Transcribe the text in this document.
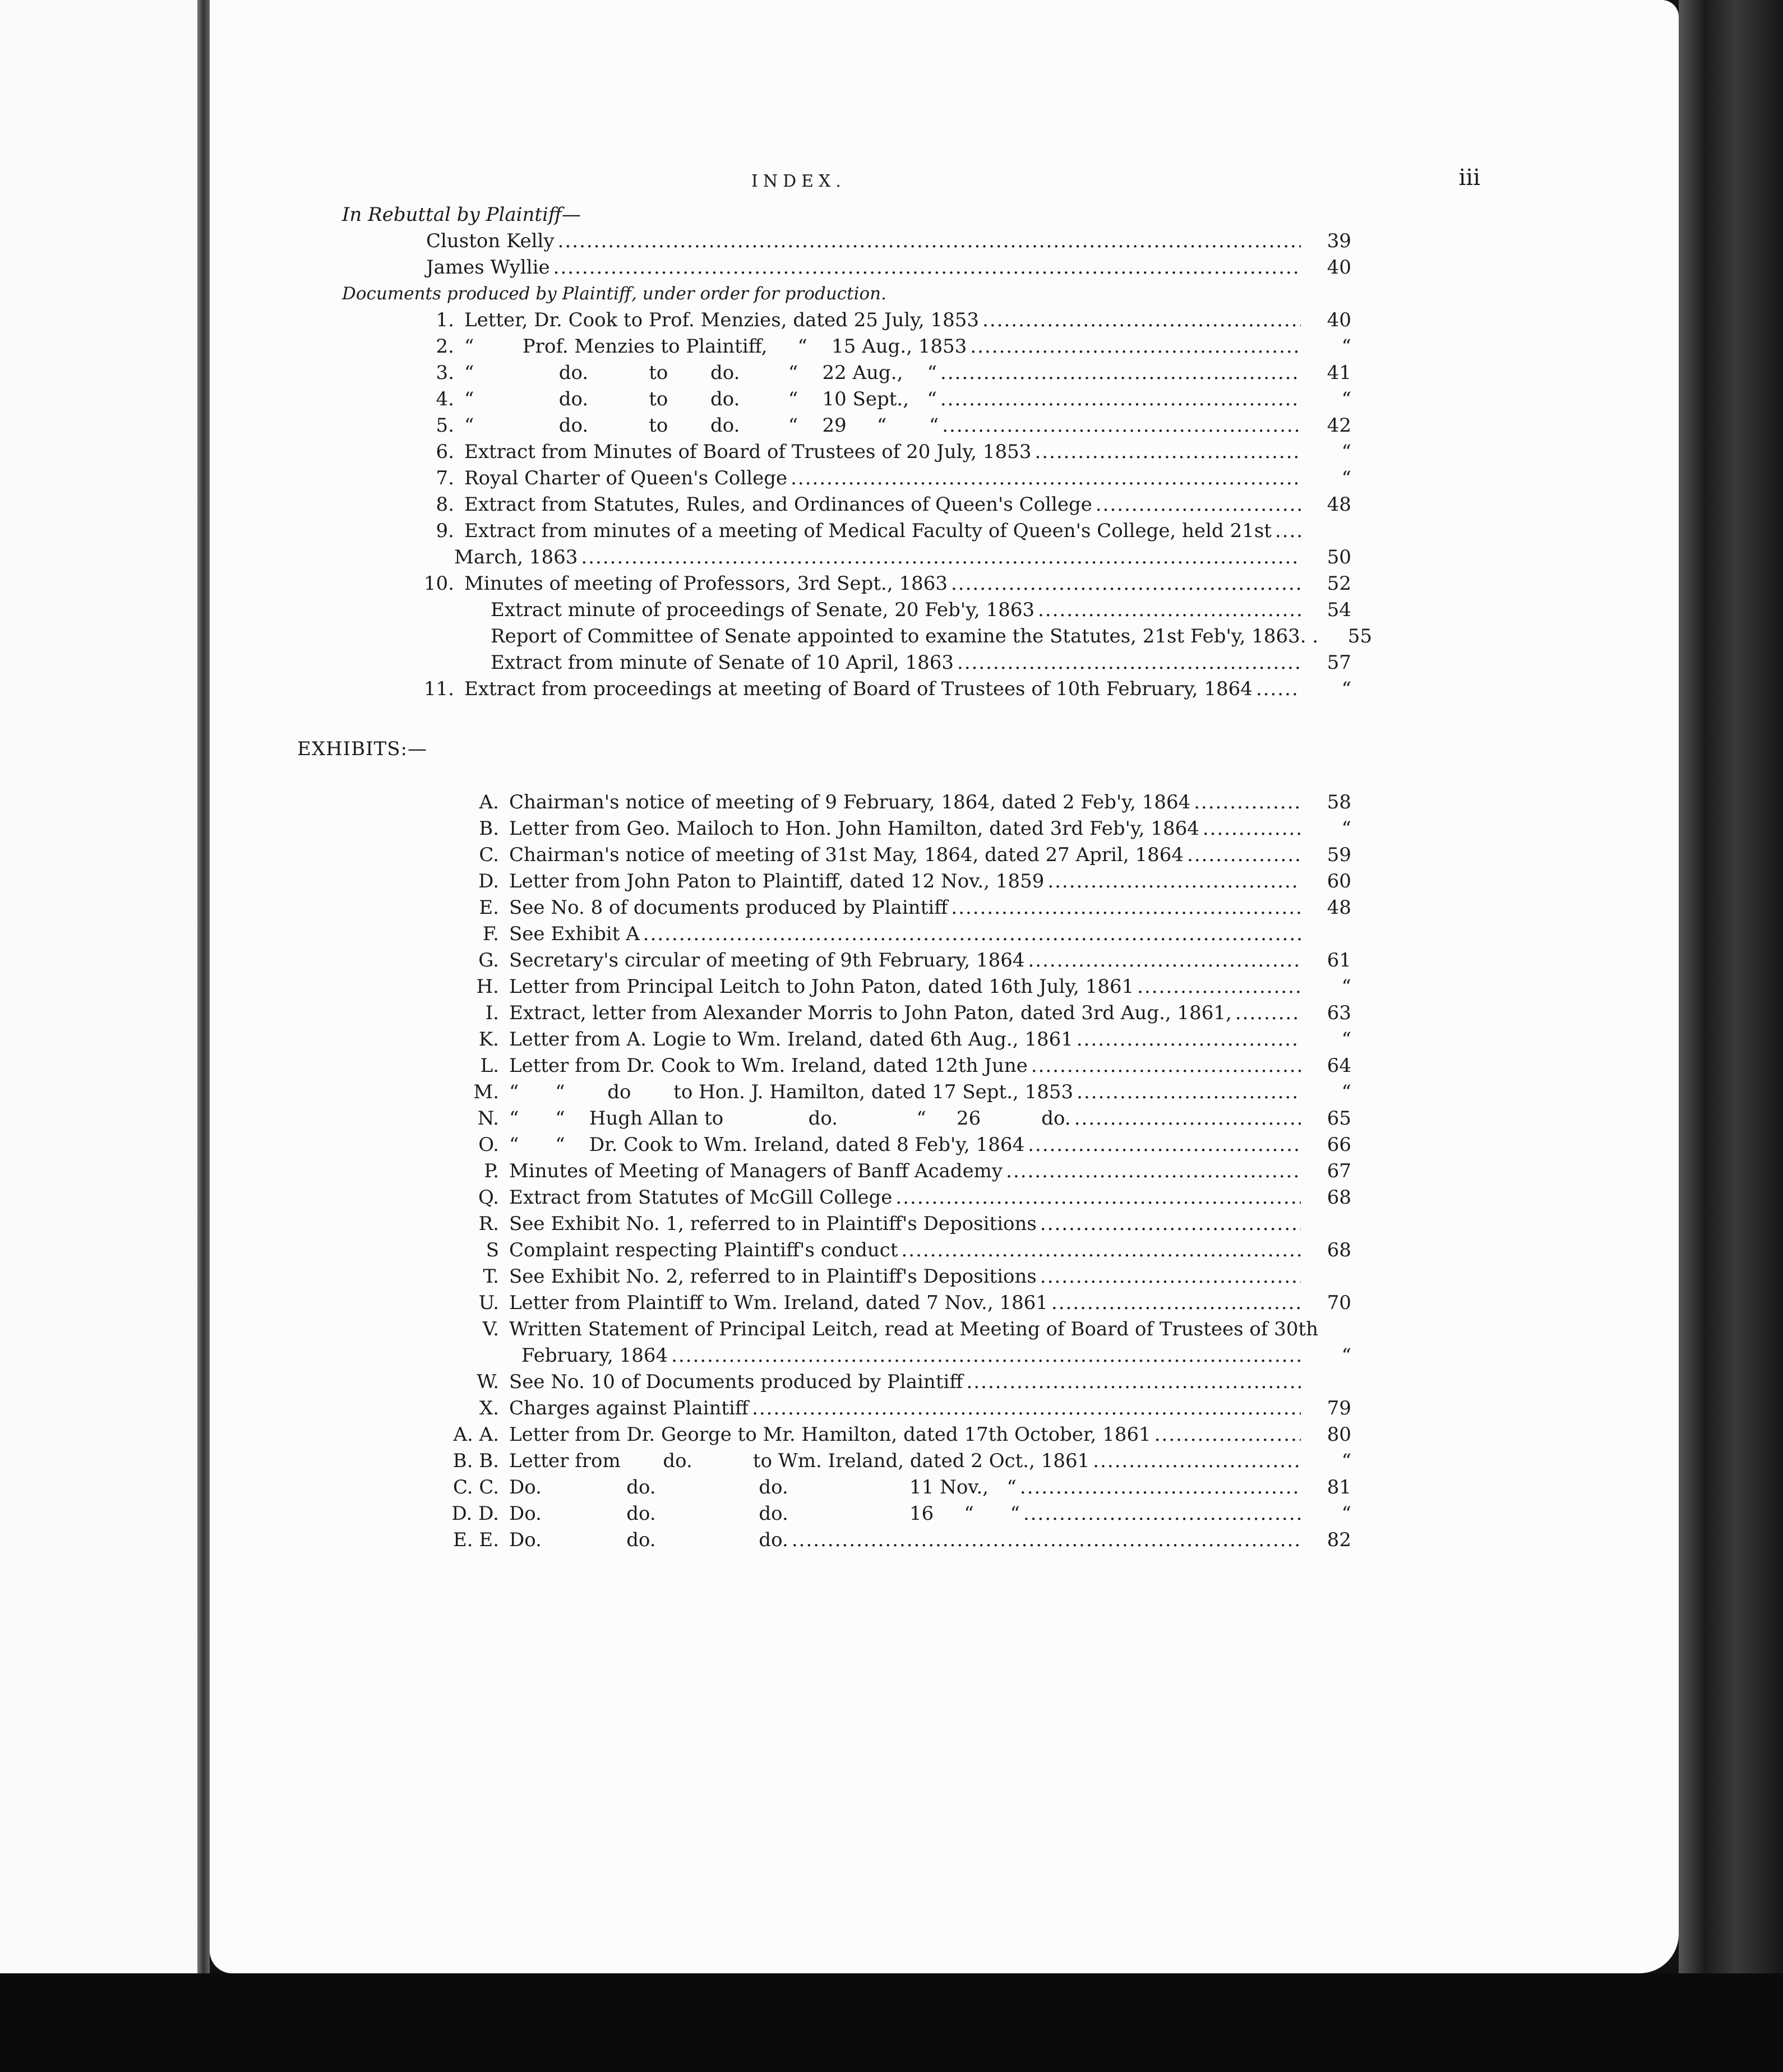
INDEX.	iii
In Rebuttal by Plaintiff—
Cluston Kelly .....	39
James Wyllie .....	40
Documents produced by Plaintiff, under order for production.
1. Letter, Dr. Cook to Prof. Menzies, dated 25 July, 1853 .....	40
2. “        Prof. Menzies to Plaintiff,     “    15 Aug., 1853 .....	“
3. “              do.          to       do.        “    22 Aug.,    “ .....	41
4. “              do.          to       do.        “    10 Sept.,   “ .....	“
5. “              do.          to       do.        “    29     “       “ .....	42
6. Extract from Minutes of Board of Trustees of 20 July, 1853 .....	“
7. Royal Charter of Queen's College .....	“
8. Extract from Statutes, Rules, and Ordinances of Queen's College .....	48
9. Extract from minutes of a meeting of Medical Faculty of Queen's College, held 21st
.....
March, 1863 .....	50
10. Minutes of meeting of Professors, 3rd Sept., 1863 .....	52
Extract minute of proceedings of Senate, 20 Feb'y, 1863 .....	54
Report of Committee of Senate appointed to examine the Statutes, 21st Feb'y, 1863. .	55
Extract from minute of Senate of 10 April, 1863 .....	57
11. Extract from proceedings at meeting of Board of Trustees of 10th February, 1864 .....	“
EXHIBITS:—
A. Chairman's notice of meeting of 9 February, 1864, dated 2 Feb'y, 1864 .....	58
B. Letter from Geo. Mailoch to Hon. John Hamilton, dated 3rd Feb'y, 1864 .....	“
C. Chairman's notice of meeting of 31st May, 1864, dated 27 April, 1864 .....	59
D. Letter from John Paton to Plaintiff, dated 12 Nov., 1859 .....	60
E. See No. 8 of documents produced by Plaintiff .....	48
F. See Exhibit A
.....
G. Secretary's circular of meeting of 9th February, 1864 .....	61
H. Letter from Principal Leitch to John Paton, dated 16th July, 1861 .....	“
I. Extract, letter from Alexander Morris to John Paton, dated 3rd Aug., 1861, .....	63
K. Letter from A. Logie to Wm. Ireland, dated 6th Aug., 1861 .....	“
L. Letter from Dr. Cook to Wm. Ireland, dated 12th June .....	64
M. “      “       do       to Hon. J. Hamilton, dated 17 Sept., 1853 .....	“
N. “      “    Hugh Allan to              do.             “     26          do. .....	65
O. “      “    Dr. Cook to Wm. Ireland, dated 8 Feb'y, 1864 .....	66
P. Minutes of Meeting of Managers of Banff Academy .....	67
Q. Extract from Statutes of McGill College .....	68
R. See Exhibit No. 1, referred to in Plaintiff's Depositions
.....
S Complaint respecting Plaintiff's conduct .....	68
T. See Exhibit No. 2, referred to in Plaintiff's Depositions
.....
U. Letter from Plaintiff to Wm. Ireland, dated 7 Nov., 1861 .....	70
V. Written Statement of Principal Leitch, read at Meeting of Board of Trustees of 30th
February, 1864 .....	“
W. See No. 10 of Documents produced by Plaintiff
.....
X. Charges against Plaintiff .....	79
A. A. Letter from Dr. George to Mr. Hamilton, dated 17th October, 1861 .....	80
B. B. Letter from       do.          to Wm. Ireland, dated 2 Oct., 1861 .....	“
C. C. Do.              do.                 do.                    11 Nov.,   “ .....	81
D. D. Do.              do.                 do.                    16     “      “ .....	“
E. E. Do.              do.                 do. .....	82
